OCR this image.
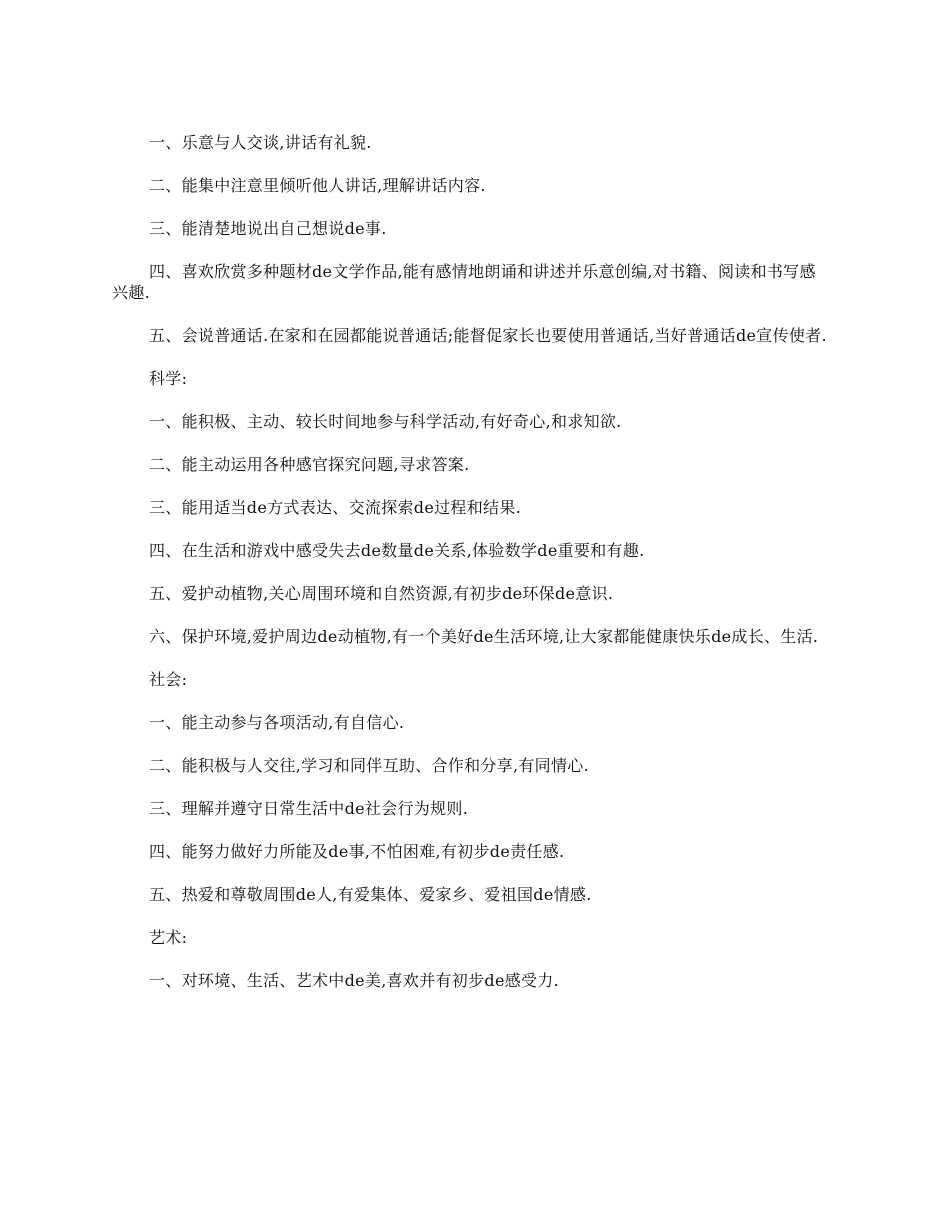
一、乐意与人交谈,讲话有礼貌.

二、能集中注意里倾听他人讲话,理解讲话内容.

三、能清楚地说出自己想说de事.

四、喜欢欣赏多种题材de文学作品,能有感情地朗诵和讲述并乐意创编,对书籍、阅读和书写感兴趣.

五、会说普通话.在家和在园都能说普通话;能督促家长也要使用普通话,当好普通话de宣传使者.

科学:

一、能积极、主动、较长时间地参与科学活动,有好奇心,和求知欲.

二、能主动运用各种感官探究问题,寻求答案.

三、能用适当de方式表达、交流探索de过程和结果.

四、在生活和游戏中感受失去de数量de关系,体验数学de重要和有趣.

五、爱护动植物,关心周围环境和自然资源,有初步de环保de意识.

六、保护环境,爱护周边de动植物,有一个美好de生活环境,让大家都能健康快乐de成长、生活.

社会:

一、能主动参与各项活动,有自信心.

二、能积极与人交往,学习和同伴互助、合作和分享,有同情心.

三、理解并遵守日常生活中de社会行为规则.

四、能努力做好力所能及de事,不怕困难,有初步de责任感.

五、热爱和尊敬周围de人,有爱集体、爱家乡、爱祖国de情感.

艺术:

一、对环境、生活、艺术中de美,喜欢并有初步de感受力.
